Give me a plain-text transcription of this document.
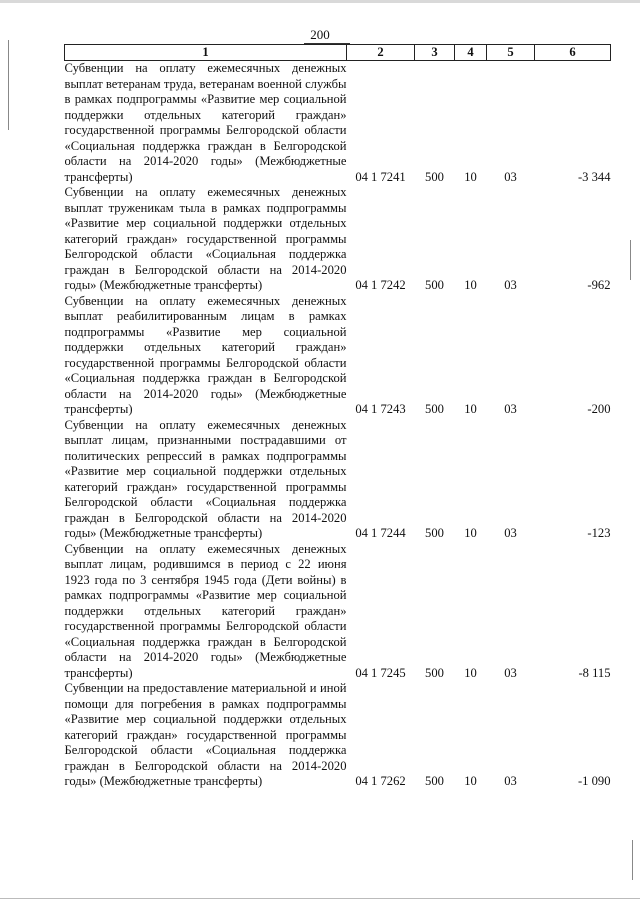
200
1	2	3	4	5	6
Субвенции на оплату ежемесячных денежных выплат ветеранам труда, ветеранам военной службы в рамках подпрограммы «Развитие мер социальной поддержки отдельных категорий граждан» государственной программы Белгородской области «Социальная поддержка граждан в Белгородской области на 2014-2020 годы» (Межбюджетные трансферты)	04 1 7241	500	10	03	-3 344
Субвенции на оплату ежемесячных денежных выплат труженикам тыла в рамках подпрограммы «Развитие мер социальной поддержки отдельных категорий граждан» государственной программы Белгородской области «Социальная поддержка граждан в Белгородской области на 2014-2020 годы» (Межбюджетные трансферты)	04 1 7242	500	10	03	-962
Субвенции на оплату ежемесячных денежных выплат реабилитированным лицам в рамках подпрограммы «Развитие мер социальной поддержки отдельных категорий граждан» государственной программы Белгородской области «Социальная поддержка граждан в Белгородской области на 2014-2020 годы» (Межбюджетные трансферты)	04 1 7243	500	10	03	-200
Субвенции на оплату ежемесячных денежных выплат лицам, признанными пострадавшими от политических репрессий в рамках подпрограммы «Развитие мер социальной поддержки отдельных категорий граждан» государственной программы Белгородской области «Социальная поддержка граждан в Белгородской области на 2014-2020 годы» (Межбюджетные трансферты)	04 1 7244	500	10	03	-123
Субвенции на оплату ежемесячных денежных выплат лицам, родившимся в период с 22 июня 1923 года по 3 сентября 1945 года (Дети войны) в рамках подпрограммы «Развитие мер социальной поддержки отдельных категорий граждан» государственной программы Белгородской области «Социальная поддержка граждан в Белгородской области на 2014-2020 годы» (Межбюджетные трансферты)	04 1 7245	500	10	03	-8 115
Субвенции на предоставление материальной и иной помощи для погребения в рамках подпрограммы «Развитие мер социальной поддержки отдельных категорий граждан» государственной программы Белгородской области «Социальная поддержка граждан в Белгородской области на 2014-2020 годы» (Межбюджетные трансферты)	04 1 7262	500	10	03	-1 090
